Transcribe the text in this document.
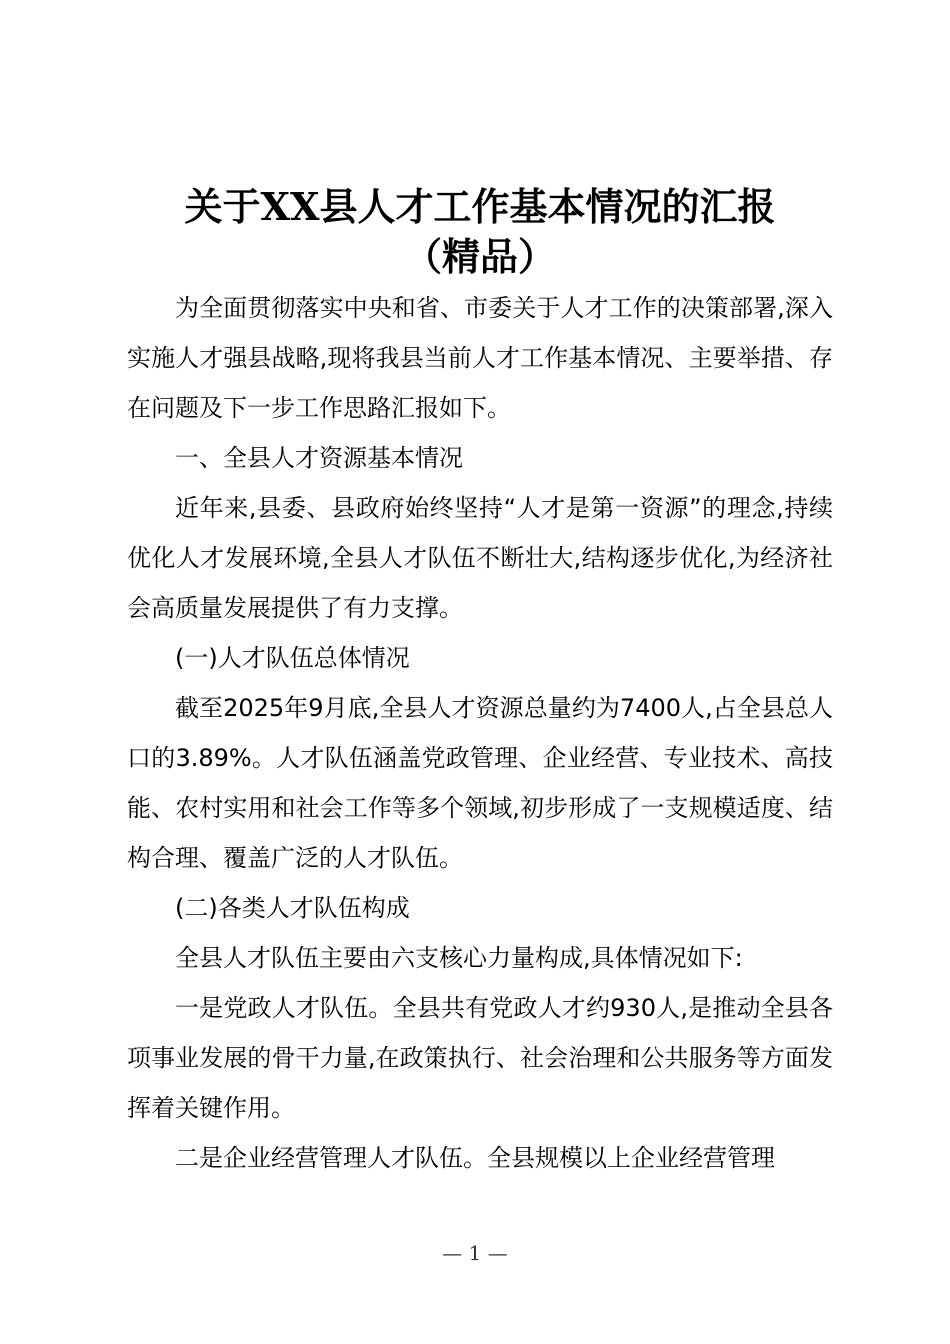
关于XX县人才工作基本情况的汇报
（精品）

为全面贯彻落实中央和省、市委关于人才工作的决策部署,深入实施人才强县战略,现将我县当前人才工作基本情况、主要举措、存在问题及下一步工作思路汇报如下。

一、全县人才资源基本情况

近年来,县委、县政府始终坚持“人才是第一资源”的理念,持续优化人才发展环境,全县人才队伍不断壮大,结构逐步优化,为经济社会高质量发展提供了有力支撑。

(一)人才队伍总体情况

截至2025年9月底,全县人才资源总量约为7400人,占全县总人口的3.89%。人才队伍涵盖党政管理、企业经营、专业技术、高技能、农村实用和社会工作等多个领域,初步形成了一支规模适度、结构合理、覆盖广泛的人才队伍。

(二)各类人才队伍构成

全县人才队伍主要由六支核心力量构成,具体情况如下:

一是党政人才队伍。全县共有党政人才约930人,是推动全县各项事业发展的骨干力量,在政策执行、社会治理和公共服务等方面发挥着关键作用。

二是企业经营管理人才队伍。全县规模以上企业经营管理

— 1 —
